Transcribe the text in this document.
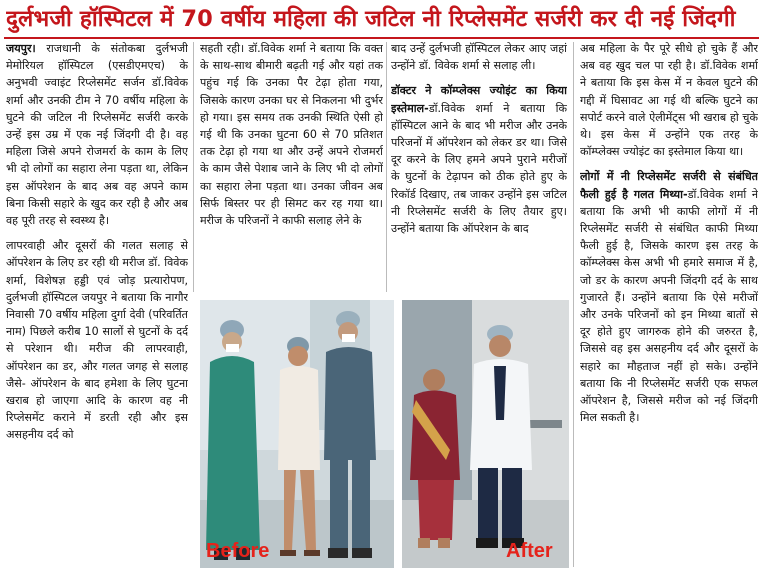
दुर्लभजी हॉस्पिटल में 70 वर्षीय महिला की जटिल नी रिप्लेसमेंट सर्जरी कर दी नई जिंदगी

जयपुर। राजधानी के संतोकबा दुर्लभजी मेमोरियल हॉस्पिटल (एसडीएमएच) के अनुभवी ज्वाइंट रिप्लेसमेंट सर्जन डॉ.विवेक शर्मा और उनकी टीम ने 70 वर्षीय महिला के घुटने की जटिल नी रिप्लेसमेंट सर्जरी करके उन्हें इस उम्र में एक नई जिंदगी दी है। वह महिला जिसे अपने रोजमर्रा के काम के लिए भी दो लोगों का सहारा लेना पड़ता था, लेकिन इस ऑपरेशन के बाद अब वह अपने काम बिना किसी सहारे के खुद कर रही है और अब वह पूरी तरह से स्वस्थ्य है।

लापरवाही और दूसरों की गलत सलाह से ऑपरेशन के लिए डर रही थी मरीज डॉ. विवेक शर्मा, विशेषज्ञ हड्डी एवं जोड़ प्रत्यारोपण, दुर्लभजी हॉस्पिटल जयपुर ने बताया कि नागौर निवासी 70 वर्षीय महिला दुर्गा देवी (परिवर्तित नाम) पिछले करीब 10 सालों से घुटनों के दर्द से परेशान थी। मरीज की लापरवाही, ऑपरेशन का डर, और गलत जगह से सलाह जैसे- ऑपरेशन के बाद हमेशा के लिए घुटना खराब हो जाएगा आदि के कारण वह नी रिप्लेसमेंट कराने में डरती रही और इस असहनीय दर्द को

सहती रही। डॉ.विवेक शर्मा ने बताया कि वक्त के साथ-साथ बीमारी बढ़ती गई और यहां तक पहुंच गई कि उनका पैर टेढ़ा होता गया, जिसके कारण उनका घर से निकलना भी दुर्भर हो गया। इस समय तक उनकी स्थिति ऐसी हो गई थी कि उनका घुटना 60 से 70 प्रतिशत तक टेढ़ा हो गया था और उन्हें अपने रोजमर्रा के काम जैसे पेशाब जाने के लिए भी दो लोगों का सहारा लेना पड़ता था। उनका जीवन अब सिर्फ बिस्तर पर ही सिमट कर रह गया था। मरीज के परिजनों ने काफी सलाह लेने के

बाद उन्हें दुर्लभजी हॉस्पिटल लेकर आए जहां उन्होंने डॉ. विवेक शर्मा से सलाह ली।

डॉक्टर ने कॉम्प्लेक्स ज्योइंट का किया इस्तेमाल-डॉ.विवेक शर्मा ने बताया कि हॉस्पिटल आने के बाद भी मरीज और उनके परिजनों में ऑपरेशन को लेकर डर था। जिसे दूर करने के लिए हमने अपने पुराने मरीजों के घुटनों के टेढ़ापन को ठीक होते हुए के रिकॉर्ड दिखाए, तब जाकर उन्होंने इस जटिल नी रिप्लेसमेंट सर्जरी के लिए तैयार हुए। उन्होंने बताया कि ऑपरेशन के बाद

अब महिला के पैर पूरे सीधे हो चुके हैं और अब वह खुद चल पा रही है। डॉ.विवेक शर्मा ने बताया कि इस केस में न केवल घुटने की गद्दी में घिसावट आ गई थी बल्कि घुटने का सपोर्ट करने वाले ऐलीमेंट्स भी खराब हो चुके थे। इस केस में उन्होंने एक तरह के कॉम्प्लेक्स ज्योइंट का इस्तेमाल किया था।

लोगों में नी रिप्लेसमेंट सर्जरी से संबंधित फैली हुई है गलत मिथ्या-डॉ.विवेक शर्मा ने बताया कि अभी भी काफी लोगों में नी रिप्लेसमेंट सर्जरी से संबंधित काफी मिथ्या फैली हुई है, जिसके कारण इस तरह के कॉम्प्लेक्स केस अभी भी हमारे समाज में है, जो डर के कारण अपनी जिंदगी दर्द के साथ गुजारते हैं। उन्होंने बताया कि ऐसे मरीजों और उनके परिजनों को इन मिथ्या बातों से दूर होते हुए जागरुक होने की जरुरत है, जिससे वह इस असहनीय दर्द और दूसरों के सहारे का मौहताज नहीं हो सके। उन्होंने बताया कि नी रिप्लेसमेंट सर्जरी एक सफल ऑपरेशन है, जिससे मरीज को नई जिंदगी मिल सकती है।

Before	After
